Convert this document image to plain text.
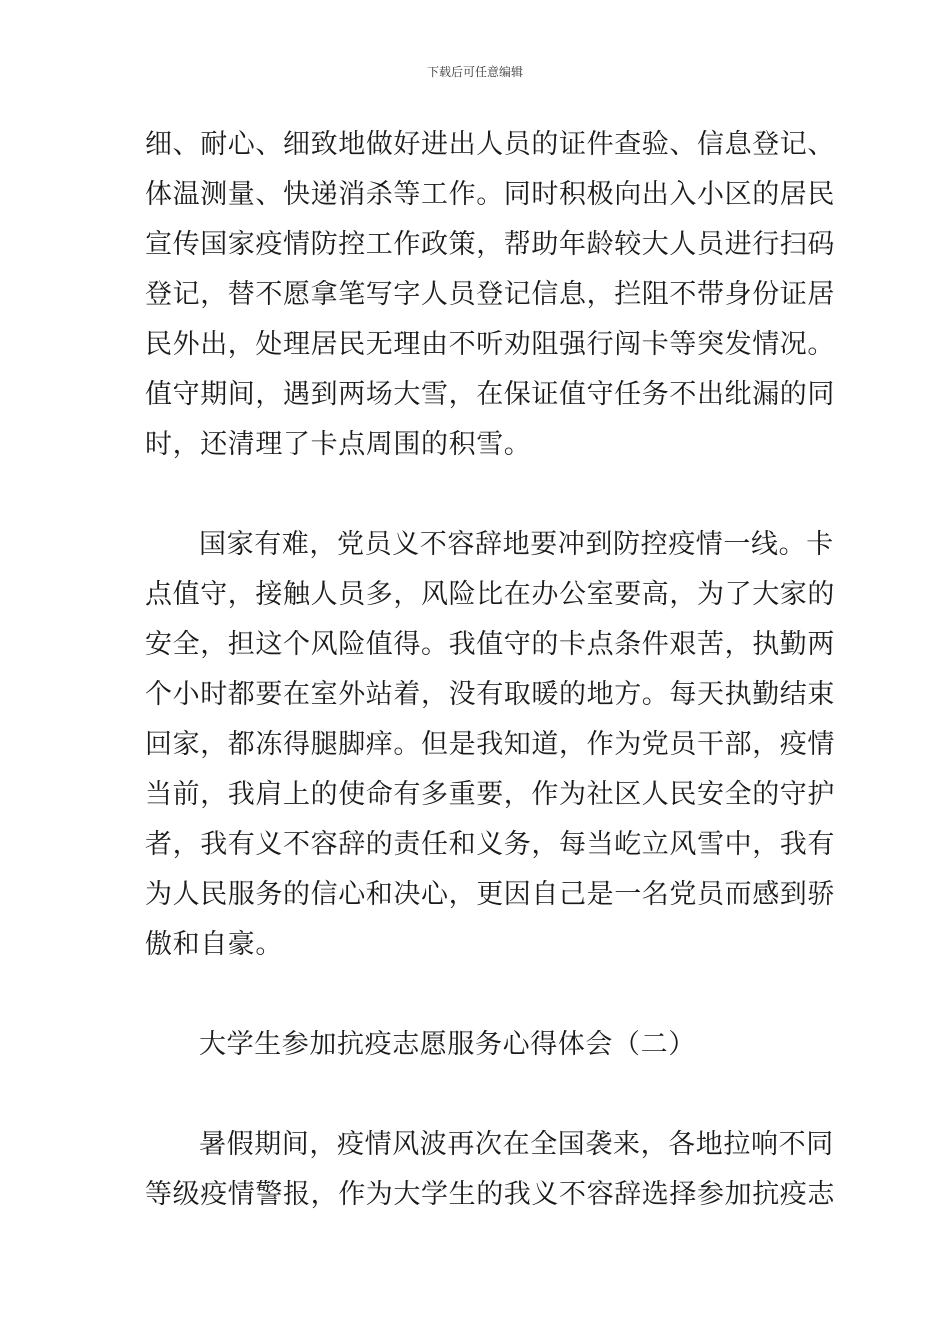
下载后可任意编辑
细、耐心、细致地做好进出人员的证件查验、信息登记、
体温测量、快递消杀等工作。同时积极向出入小区的居民
宣传国家疫情防控工作政策，帮助年龄较大人员进行扫码
登记，替不愿拿笔写字人员登记信息，拦阻不带身份证居
民外出，处理居民无理由不听劝阻强行闯卡等突发情况。
值守期间，遇到两场大雪，在保证值守任务不出纰漏的同
时，还清理了卡点周围的积雪。
国家有难，党员义不容辞地要冲到防控疫情一线。卡
点值守，接触人员多，风险比在办公室要高，为了大家的
安全，担这个风险值得。我值守的卡点条件艰苦，执勤两
个小时都要在室外站着，没有取暖的地方。每天执勤结束
回家，都冻得腿脚痒。但是我知道，作为党员干部，疫情
当前，我肩上的使命有多重要，作为社区人民安全的守护
者，我有义不容辞的责任和义务，每当屹立风雪中，我有
为人民服务的信心和决心，更因自己是一名党员而感到骄
傲和自豪。
大学生参加抗疫志愿服务心得体会（二）
暑假期间，疫情风波再次在全国袭来，各地拉响不同
等级疫情警报，作为大学生的我义不容辞选择参加抗疫志
